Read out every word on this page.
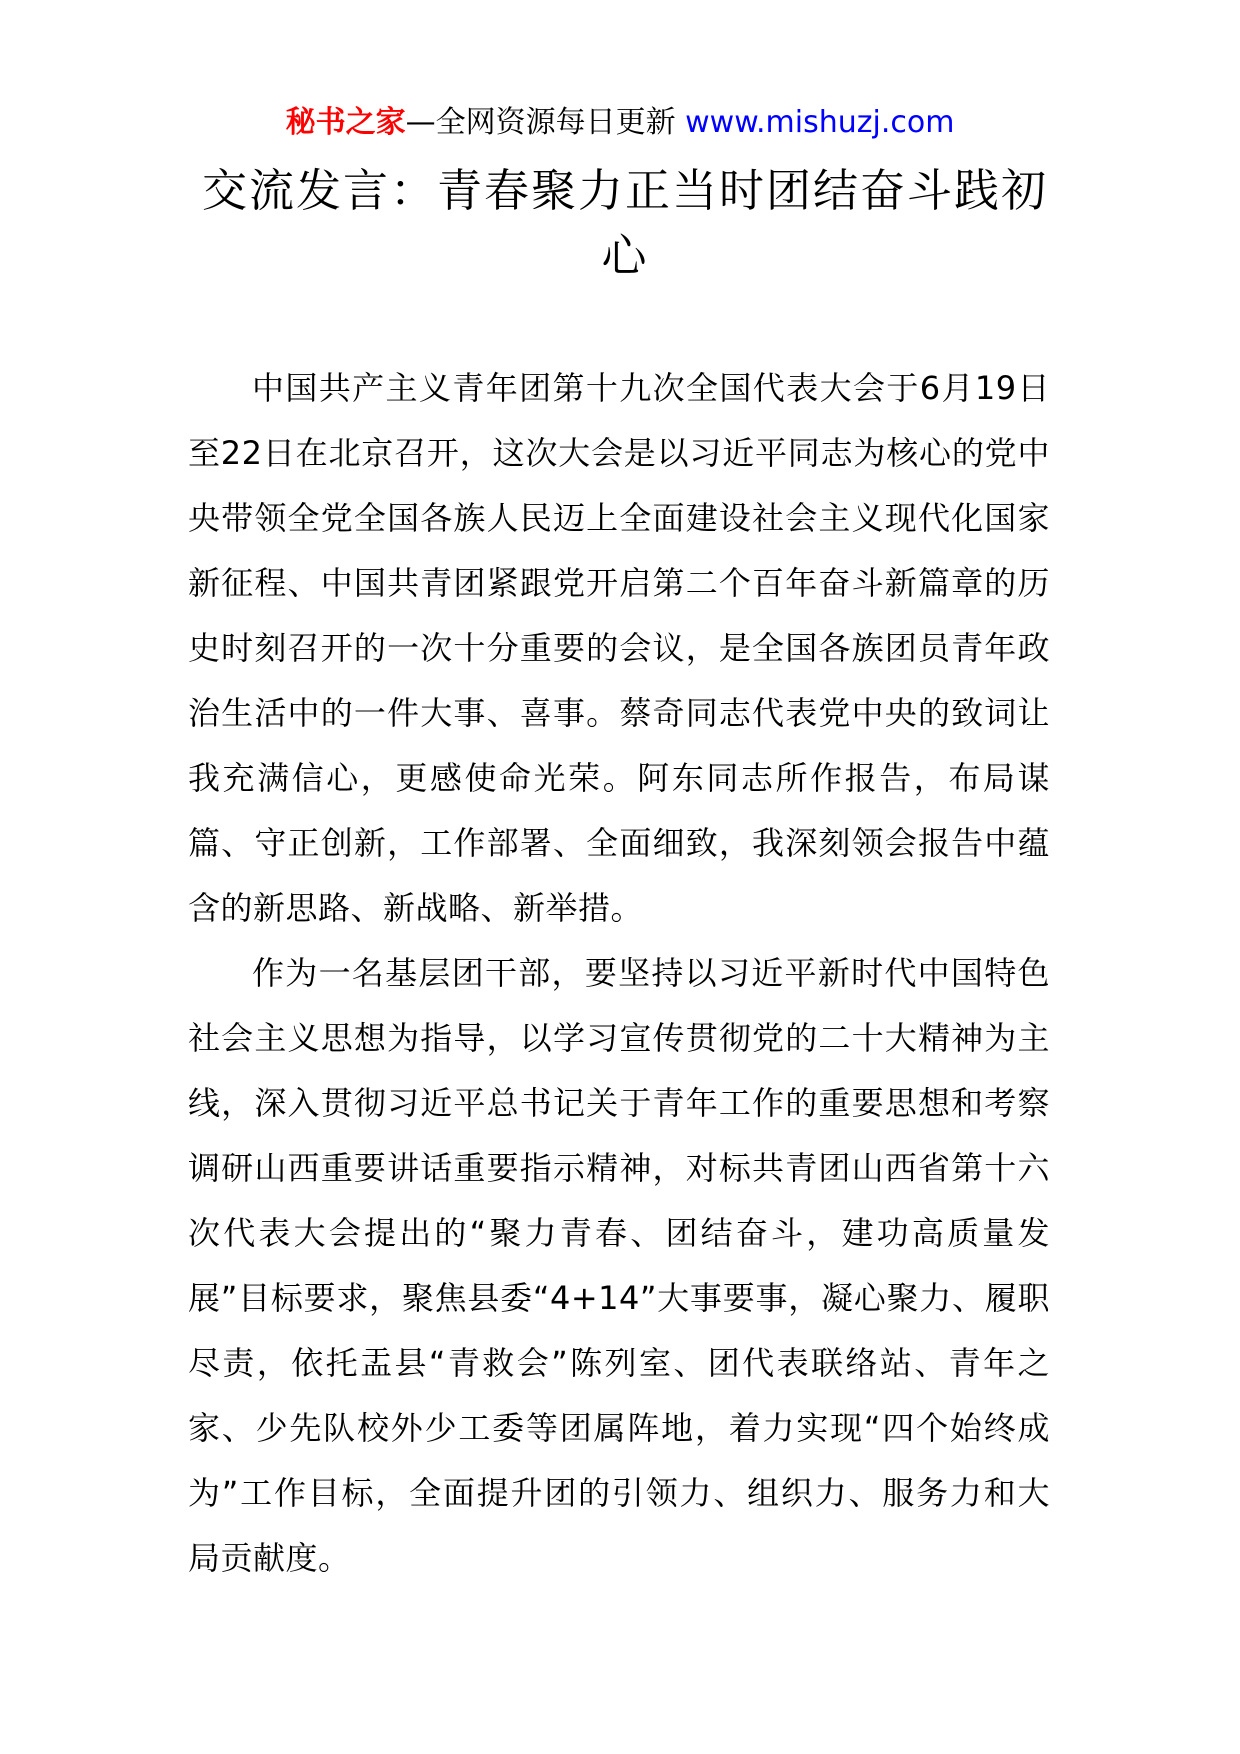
秘书之家—全网资源每日更新 www.mishuzj.com
交流发言：青春聚力正当时团结奋斗践初心

中国共产主义青年团第十九次全国代表大会于6月19日至22日在北京召开，这次大会是以习近平同志为核心的党中央带领全党全国各族人民迈上全面建设社会主义现代化国家新征程、中国共青团紧跟党开启第二个百年奋斗新篇章的历史时刻召开的一次十分重要的会议，是全国各族团员青年政治生活中的一件大事、喜事。蔡奇同志代表党中央的致词让我充满信心，更感使命光荣。阿东同志所作报告，布局谋篇、守正创新，工作部署、全面细致，我深刻领会报告中蕴含的新思路、新战略、新举措。

作为一名基层团干部，要坚持以习近平新时代中国特色社会主义思想为指导，以学习宣传贯彻党的二十大精神为主线，深入贯彻习近平总书记关于青年工作的重要思想和考察调研山西重要讲话重要指示精神，对标共青团山西省第十六次代表大会提出的“聚力青春、团结奋斗，建功高质量发展”目标要求，聚焦县委“4+14”大事要事，凝心聚力、履职尽责，依托盂县“青救会”陈列室、团代表联络站、青年之家、少先队校外少工委等团属阵地，着力实现“四个始终成为”工作目标，全面提升团的引领力、组织力、服务力和大局贡献度。
